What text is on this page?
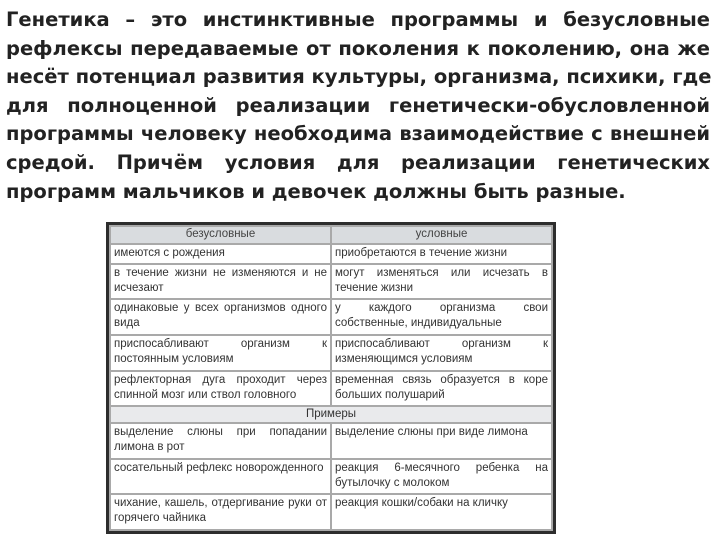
Генетика – это инстинктивные программы и безусловные
рефлексы передаваемые от поколения к поколению, она же
несёт потенциал развития культуры, организма, психики, где
для полноценной реализации генетически-обусловленной
программы человеку необходима взаимодействие с внешней
средой. Причём условия для реализации генетических
программ мальчиков и девочек должны быть разные.
безусловные	условные
имеются с рождения	приобретаются в течение жизни
в течение жизни не изменяются и не исчезают	могут изменяться или исчезать в течение жизни
одинаковые у всех организмов одного вида	у каждого организма свои собственные, индивидуальные
приспосабливают организм к постоянным условиям	приспосабливают организм к изменяющимся условиям
рефлекторная дуга проходит через спинной мозг или ствол головного	временная связь образуется в коре больших полушарий
Примеры	
выделение слюны при попадании лимона в рот	выделение слюны при виде лимона
сосательный рефлекс новорожденного	реакция 6-месячного ребенка на бутылочку с молоком
чихание, кашель, отдергивание руки от горячего чайника	реакция кошки/собаки на кличку
